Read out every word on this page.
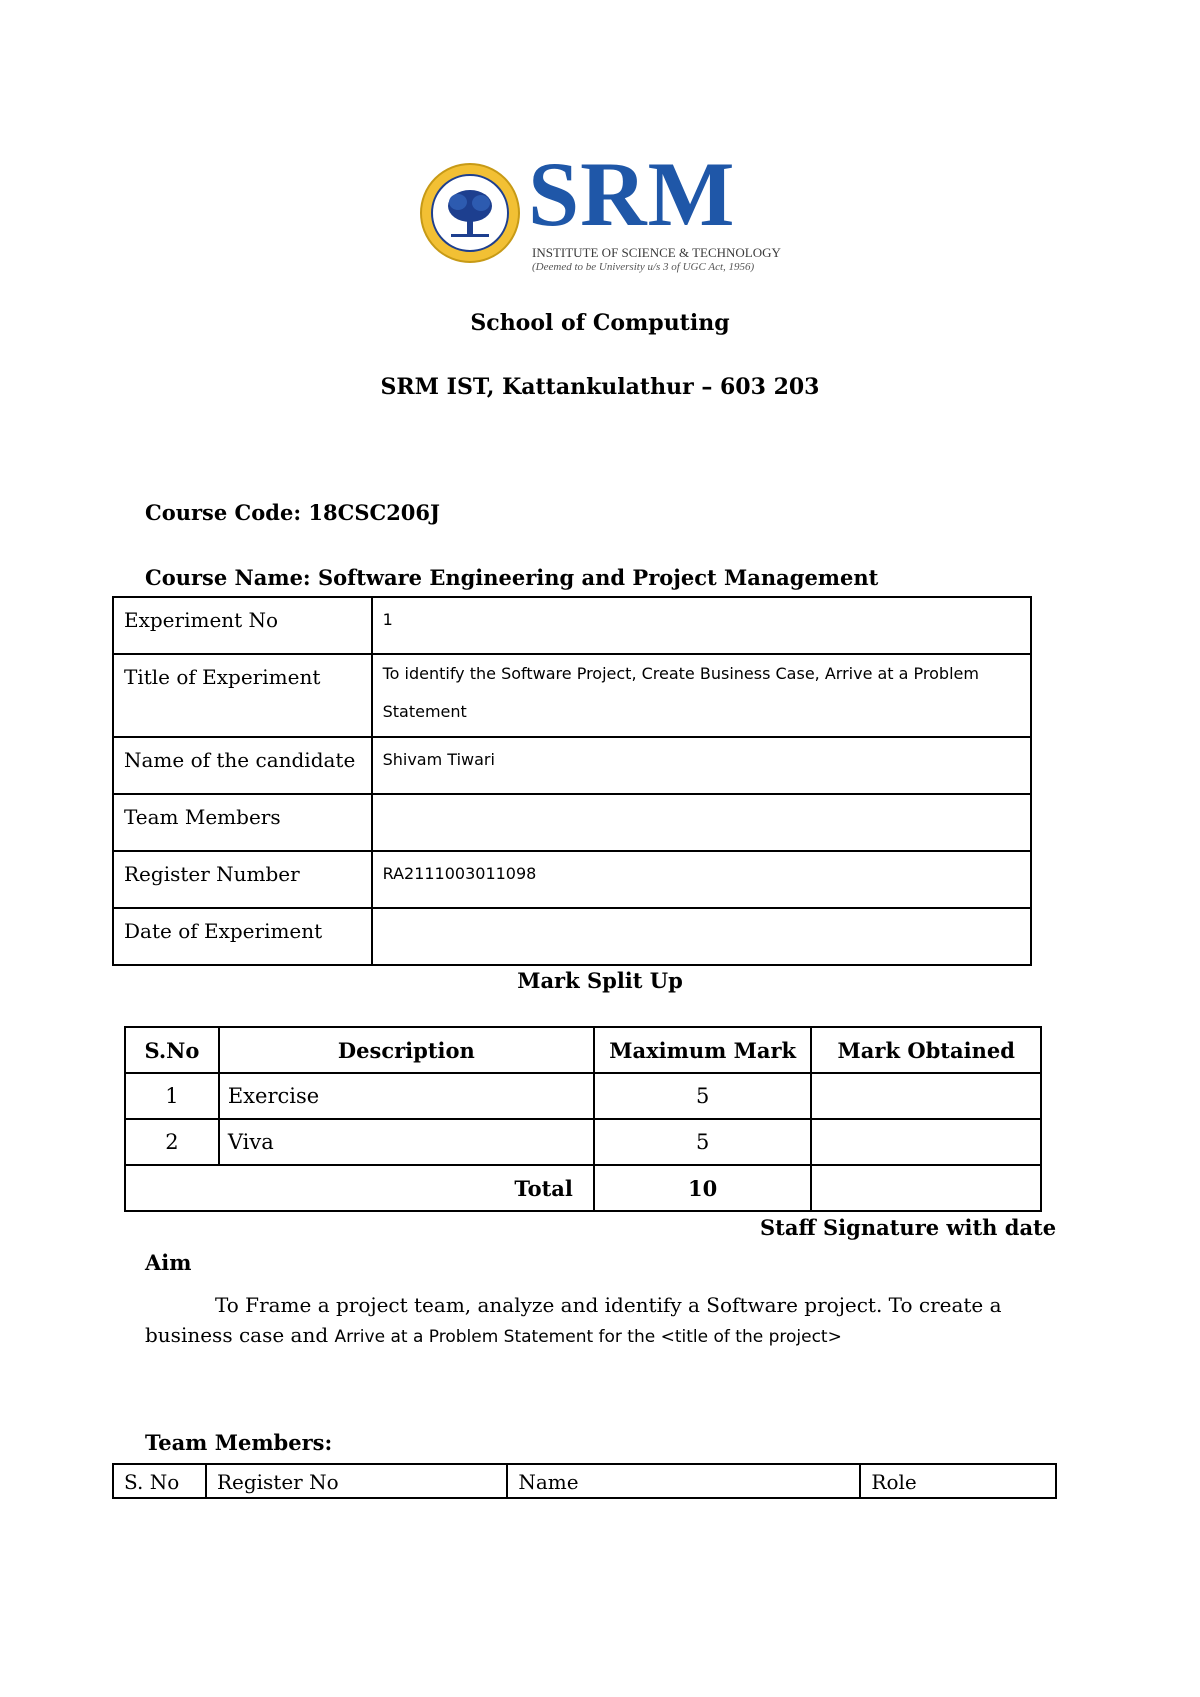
SRM
INSTITUTE OF SCIENCE & TECHNOLOGY
(Deemed to be University u/s 3 of UGC Act, 1956)
School of Computing
SRM IST, Kattankulathur – 603 203
Course Code: 18CSC206J
Course Name: Software Engineering and Project Management
Experiment No	1
Title of Experiment	To identify the Software Project, Create Business Case, Arrive at a Problem Statement
Name of the candidate	Shivam Tiwari
Team Members	
Register Number	RA2111003011098
Date of Experiment	
Mark Split Up
S.No	Description	Maximum Mark	Mark Obtained
1	Exercise	5	
2	Viva	5	
Total		10	
Staff Signature with date
Aim
To Frame a project team, analyze and identify a Software project. To create a business case and Arrive at a Problem Statement for the <title of the project>
Team Members:
S. No	Register No	Name	Role
